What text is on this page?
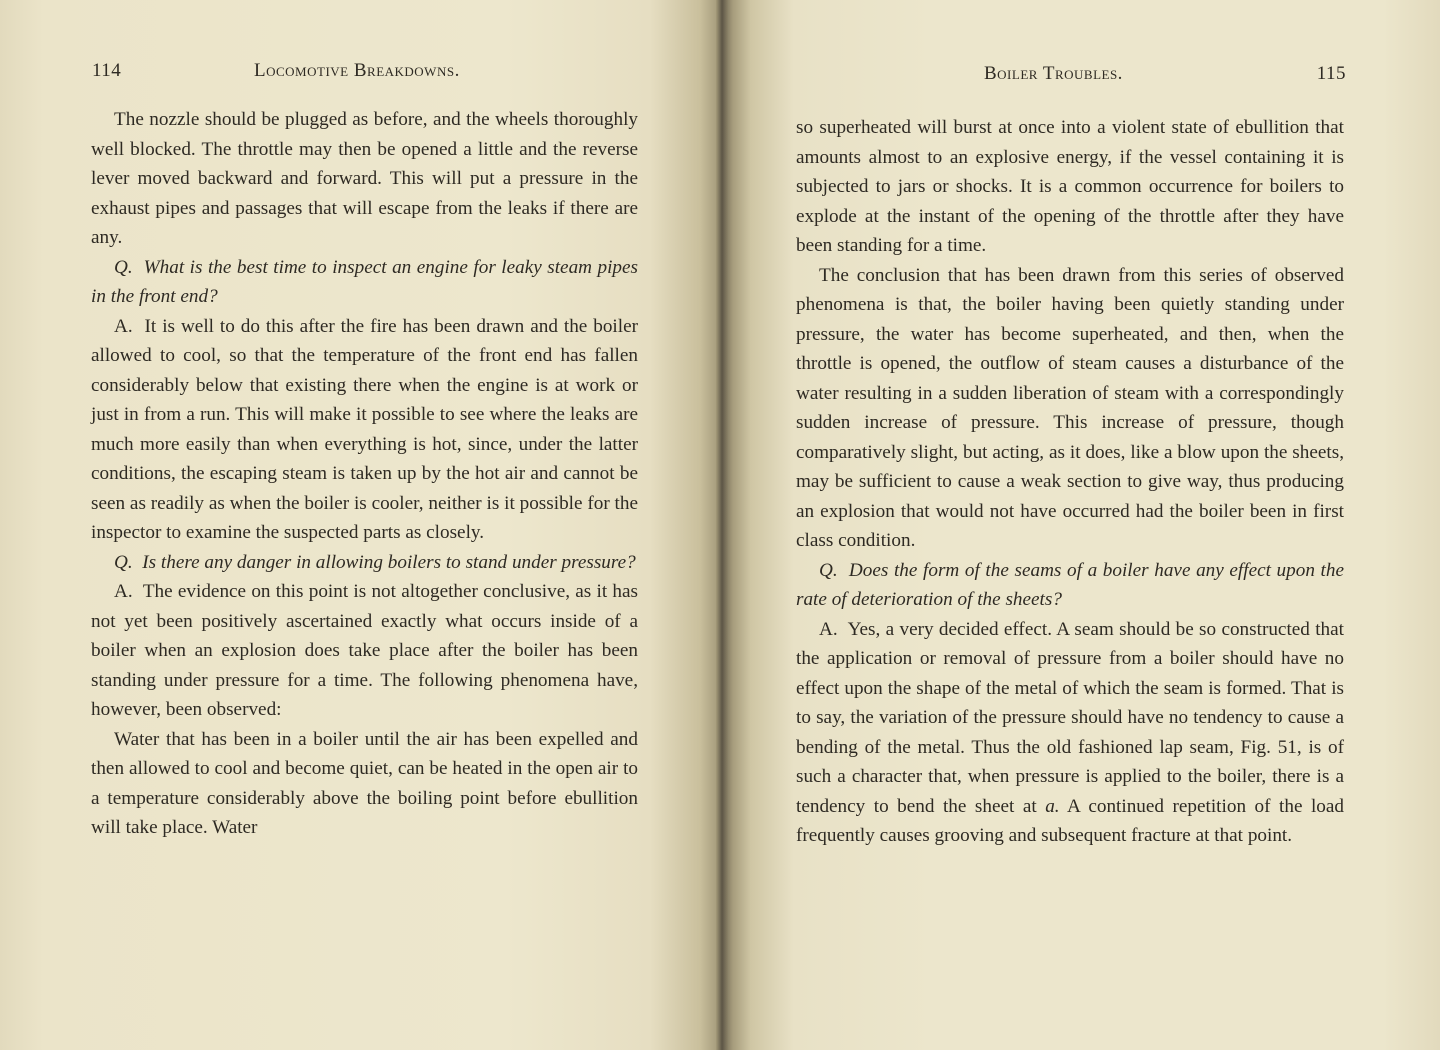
114	Locomotive Breakdowns.

The nozzle should be plugged as before, and the wheels thoroughly well blocked. The throttle may then be opened a little and the reverse lever moved backward and forward. This will put a pressure in the exhaust pipes and passages that will escape from the leaks if there are any.

Q. What is the best time to inspect an engine for leaky steam pipes in the front end?

A. It is well to do this after the fire has been drawn and the boiler allowed to cool, so that the temperature of the front end has fallen considerably below that existing there when the engine is at work or just in from a run. This will make it possible to see where the leaks are much more easily than when everything is hot, since, under the latter conditions, the escaping steam is taken up by the hot air and cannot be seen as readily as when the boiler is cooler, neither is it possible for the inspector to examine the suspected parts as closely.

Q. Is there any danger in allowing boilers to stand under pressure?

A. The evidence on this point is not altogether conclusive, as it has not yet been positively ascertained exactly what occurs inside of a boiler when an explosion does take place after the boiler has been standing under pressure for a time. The following phenomena have, however, been observed:

Water that has been in a boiler until the air has been expelled and then allowed to cool and become quiet, can be heated in the open air to a temperature considerably above the boiling point before ebullition will take place. Water

Boiler Troubles.	115

so superheated will burst at once into a violent state of ebullition that amounts almost to an explosive energy, if the vessel containing it is subjected to jars or shocks. It is a common occurrence for boilers to explode at the instant of the opening of the throttle after they have been standing for a time.

The conclusion that has been drawn from this series of observed phenomena is that, the boiler having been quietly standing under pressure, the water has become superheated, and then, when the throttle is opened, the outflow of steam causes a disturbance of the water resulting in a sudden liberation of steam with a correspondingly sudden increase of pressure. This increase of pressure, though comparatively slight, but acting, as it does, like a blow upon the sheets, may be sufficient to cause a weak section to give way, thus producing an explosion that would not have occurred had the boiler been in first class condition.

Q. Does the form of the seams of a boiler have any effect upon the rate of deterioration of the sheets?

A. Yes, a very decided effect. A seam should be so constructed that the application or removal of pressure from a boiler should have no effect upon the shape of the metal of which the seam is formed. That is to say, the variation of the pressure should have no tendency to cause a bending of the metal. Thus the old fashioned lap seam, Fig. 51, is of such a character that, when pressure is applied to the boiler, there is a tendency to bend the sheet at a. A continued repetition of the load frequently causes grooving and subsequent fracture at that point.
